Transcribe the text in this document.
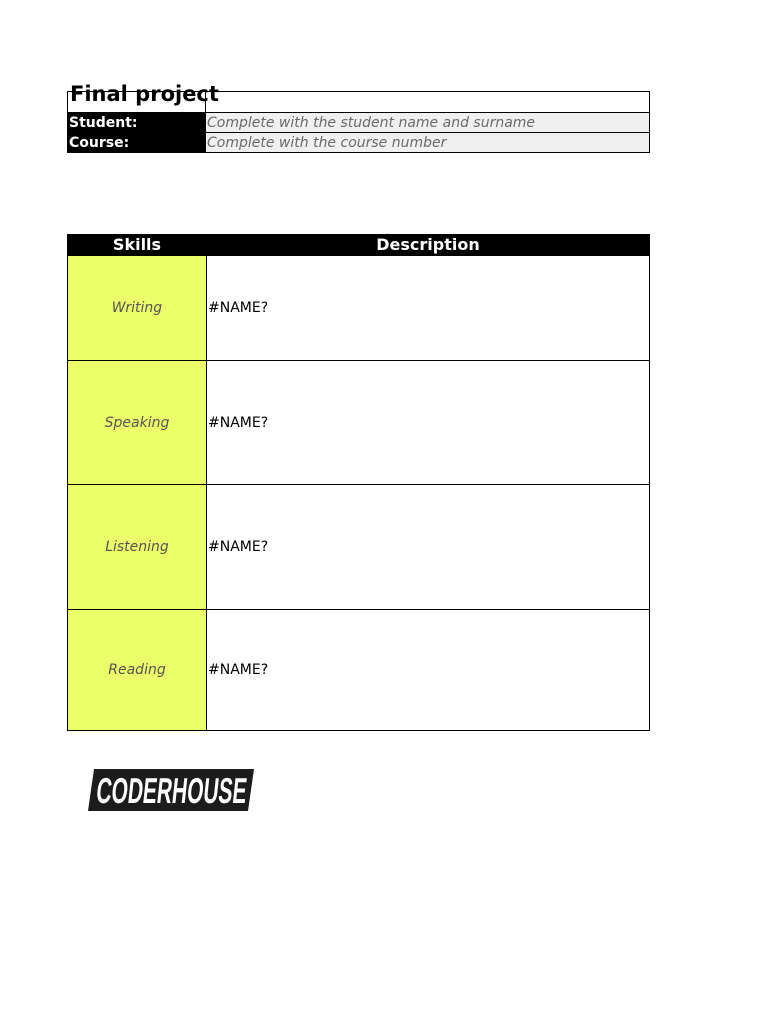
Final project	

Student:	Complete with the student name and surname
Course:	Complete with the course number
Skills	Description
Writing	#NAME?
Speaking	#NAME?
Listening	#NAME?
Reading	#NAME?
CODERHOUSE
